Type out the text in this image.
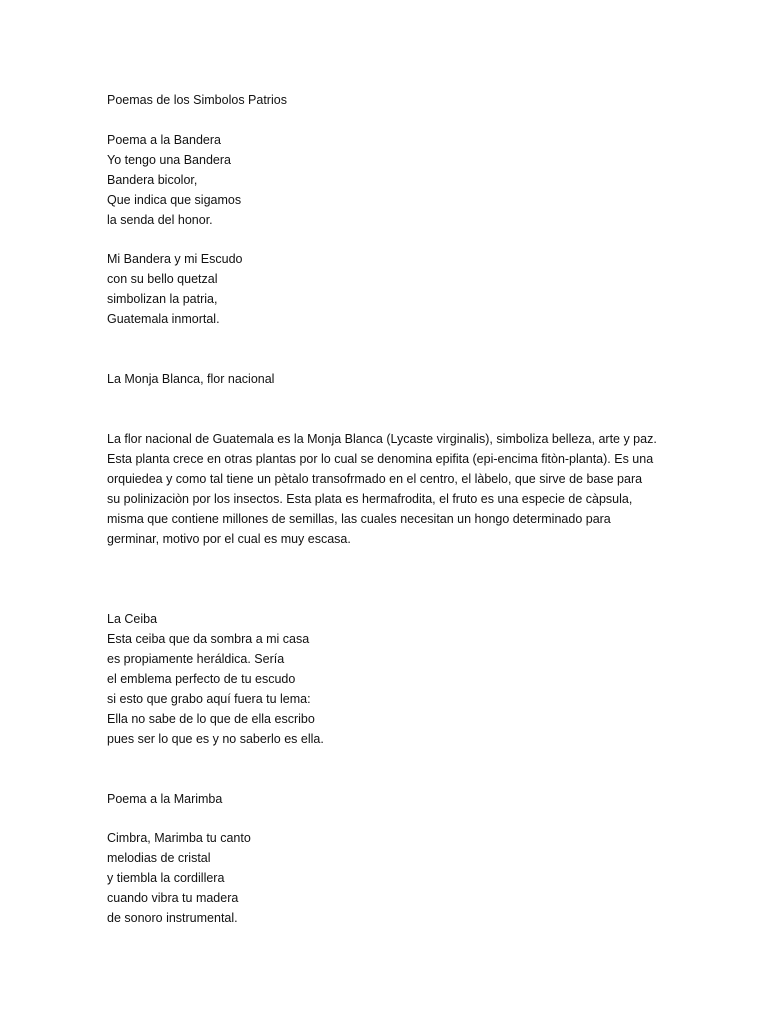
Poemas de los Simbolos Patrios

Poema a la Bandera

Yo tengo una Bandera

Bandera bicolor,

Que indica que sigamos

la senda del honor.

Mi Bandera y mi Escudo

con su bello quetzal

simbolizan la patria,

Guatemala inmortal.

La Monja Blanca, flor nacional

La flor nacional de Guatemala es la Monja Blanca (Lycaste virginalis), simboliza belleza, arte y paz.
Esta planta crece en otras plantas por lo cual se denomina epifita (epi-encima fitòn-planta). Es una
orquiedea y como tal tiene un pètalo transofrmado en el centro, el làbelo, que sirve de base para
su polinizaciòn por los insectos. Esta plata es hermafrodita, el fruto es una especie de càpsula,
misma que contiene millones de semillas, las cuales necesitan un hongo determinado para
germinar, motivo por el cual es muy escasa.

La Ceiba

Esta ceiba que da sombra a mi casa

es propiamente heráldica. Sería

el emblema perfecto de tu escudo

si esto que grabo aquí fuera tu lema:

Ella no sabe de lo que de ella escribo

pues ser lo que es y no saberlo es ella.

Poema a la Marimba

Cimbra, Marimba tu canto

melodias de cristal

y tiembla la cordillera

cuando vibra tu madera

de sonoro instrumental.
